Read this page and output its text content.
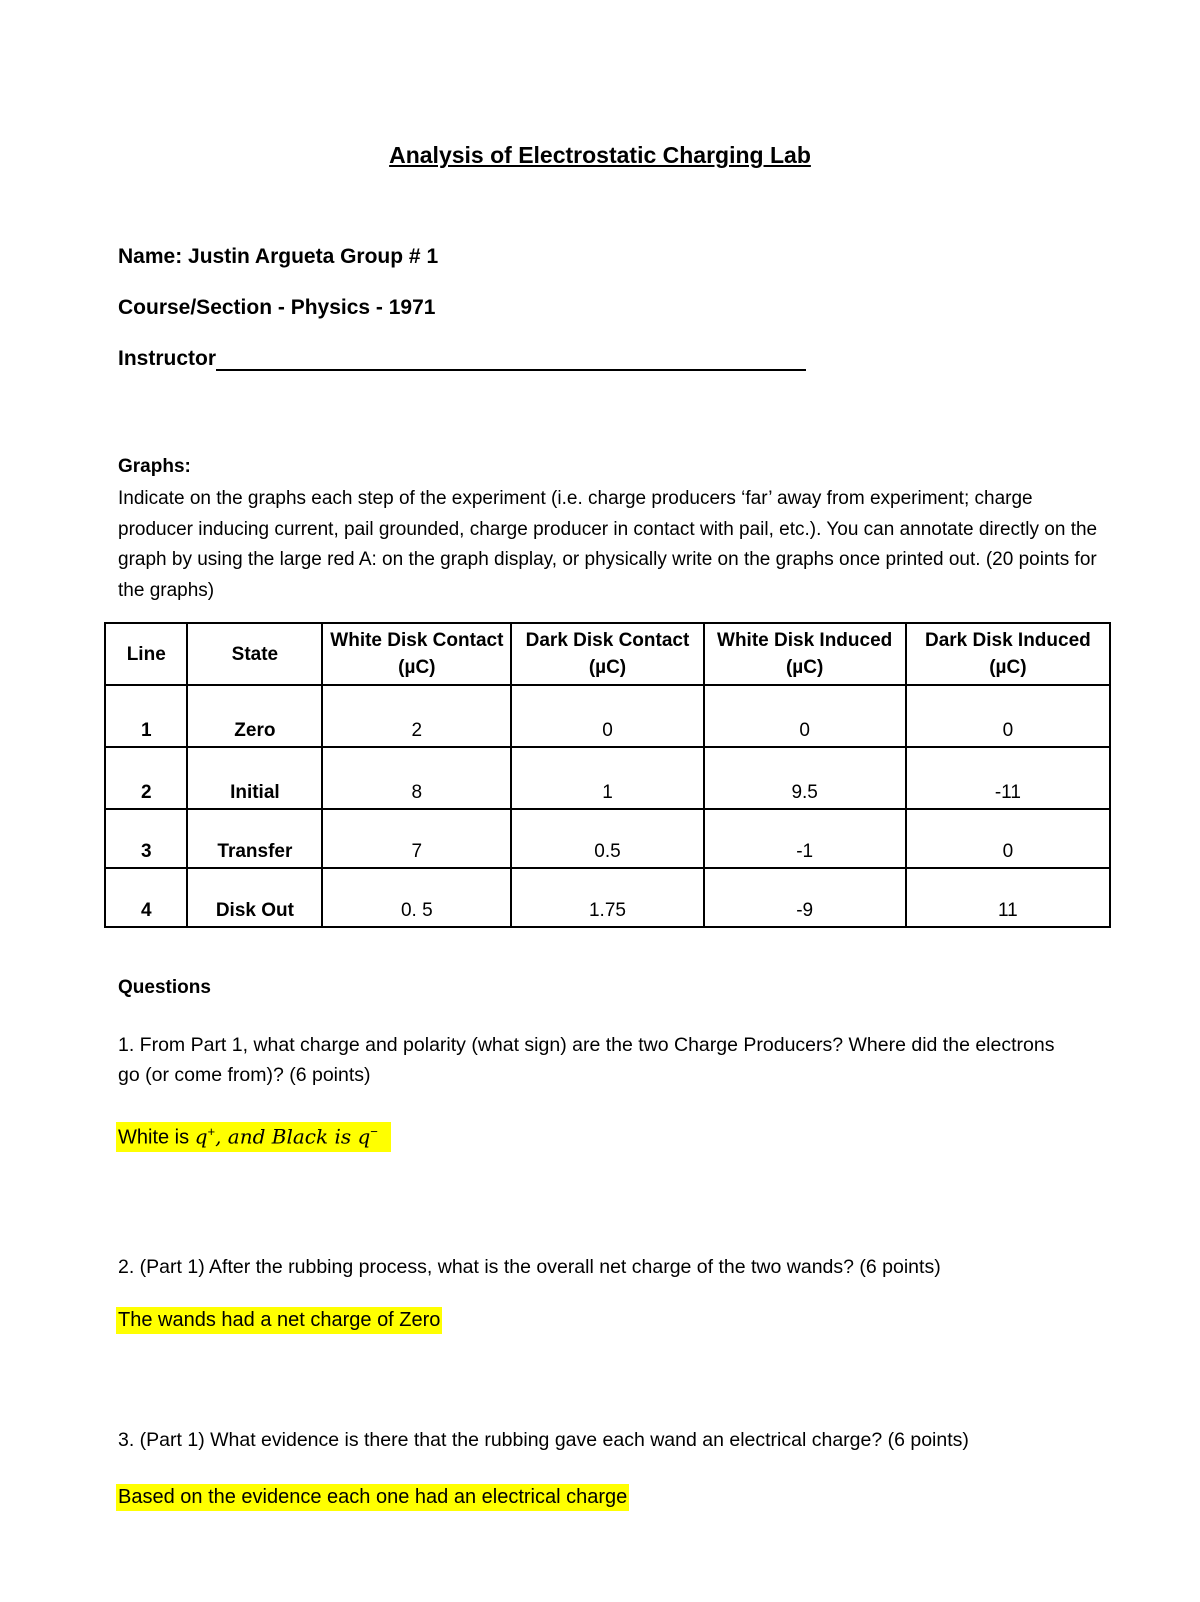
Analysis of Electrostatic Charging Lab
Name: Justin Argueta Group # 1
Course/Section - Physics - 1971
Instructor
Graphs:
Indicate on the graphs each step of the experiment (i.e. charge producers ‘far’ away from experiment; charge producer inducing current, pail grounded, charge producer in contact with pail, etc.). You can annotate directly on the graph by using the large red A: on the graph display, or physically write on the graphs once printed out. (20 points for the graphs)
Line	State	White Disk Contact (µC)	Dark Disk Contact (µC)	White Disk Induced (µC)	Dark Disk Induced (µC)
1	Zero	2	0	0	0
2	Initial	8	1	9.5	-11
3	Transfer	7	0.5	-1	0
4	Disk Out	0. 5	1.75	-9	11
Questions
1. From Part 1, what charge and polarity (what sign) are the two Charge Producers? Where did the electrons go (or come from)? (6 points)
White is q+, and Black is q−
2. (Part 1) After the rubbing process, what is the overall net charge of the two wands? (6 points)
The wands had a net charge of Zero
3. (Part 1) What evidence is there that the rubbing gave each wand an electrical charge? (6 points)
Based on the evidence each one had an electrical charge
